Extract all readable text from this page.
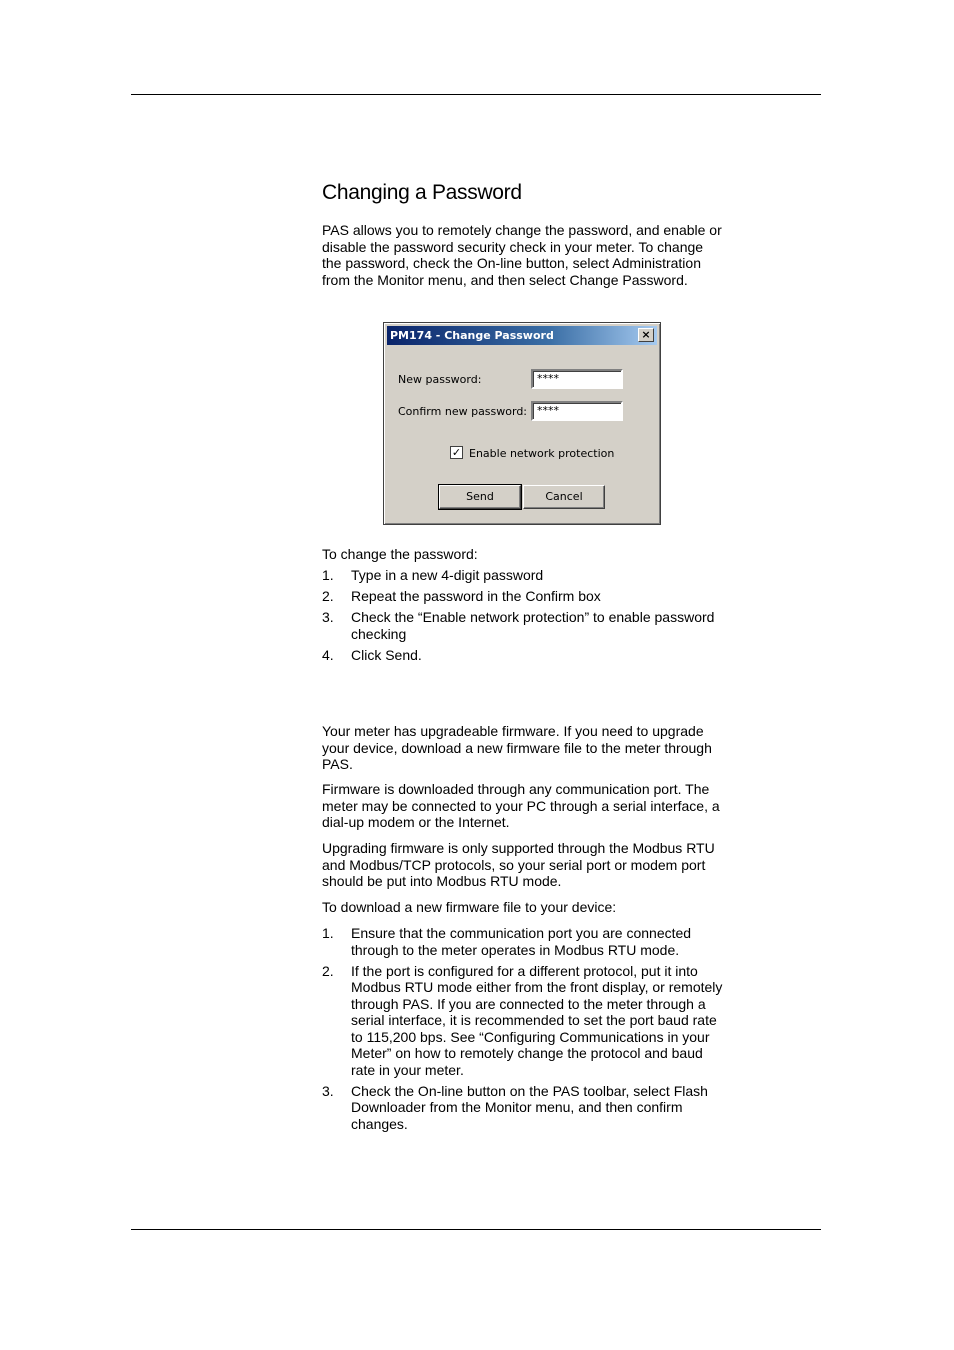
Changing a Password

PAS allows you to remotely change the password, and enable or disable the password security check in your meter. To change the password, check the On-line button, select Administration from the Monitor menu, and then select Change Password.

PM174 - Change Password	×
New password:	****
Confirm new password: ****
✓ Enable network protection
Send	Cancel

To change the password:

1. Type in a new 4-digit password
2. Repeat the password in the Confirm box
3. Check the “Enable network protection” to enable password checking
4. Click Send.

Your meter has upgradeable firmware. If you need to upgrade your device, download a new firmware file to the meter through PAS.

Firmware is downloaded through any communication port. The meter may be connected to your PC through a serial interface, a dial-up modem or the Internet.

Upgrading firmware is only supported through the Modbus RTU and Modbus/TCP protocols, so your serial port or modem port should be put into Modbus RTU mode.

To download a new firmware file to your device:

1. Ensure that the communication port you are connected through to the meter operates in Modbus RTU mode.
2. If the port is configured for a different protocol, put it into Modbus RTU mode either from the front display, or remotely through PAS. If you are connected to the meter through a serial interface, it is recommended to set the port baud rate to 115,200 bps. See “Configuring Communications in your Meter” on how to remotely change the protocol and baud rate in your meter.
3. Check the On-line button on the PAS toolbar, select Flash Downloader from the Monitor menu, and then confirm changes.
